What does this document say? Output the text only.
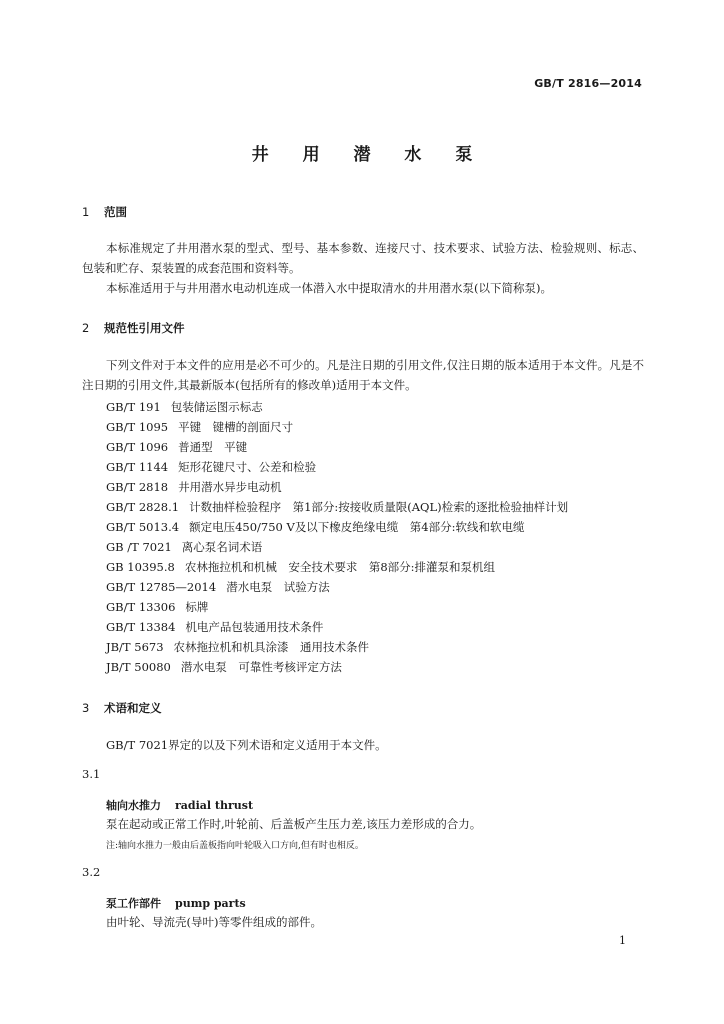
GB/T 2816—2014
井 用 潜 水 泵
1 范围

本标准规定了井用潜水泵的型式、型号、基本参数、连接尺寸、技术要求、试验方法、检验规则、标志、包装和贮存、泵装置的成套范围和资料等。

本标准适用于与井用潜水电动机连成一体潜入水中提取清水的井用潜水泵(以下简称泵)。

2 规范性引用文件

下列文件对于本文件的应用是必不可少的。凡是注日期的引用文件,仅注日期的版本适用于本文件。凡是不注日期的引用文件,其最新版本(包括所有的修改单)适用于本文件。

GB/T 191 包装储运图示标志
GB/T 1095 平键　键槽的剖面尺寸
GB/T 1096 普通型　平键
GB/T 1144 矩形花键尺寸、公差和检验
GB/T 2818 井用潜水异步电动机
GB/T 2828.1 计数抽样检验程序　第1部分:按接收质量限(AQL)检索的逐批检验抽样计划
GB/T 5013.4 额定电压450/750 V及以下橡皮绝缘电缆　第4部分:软线和软电缆
GB /T 7021 离心泵名词术语
GB 10395.8 农林拖拉机和机械　安全技术要求　第8部分:排灌泵和泵机组
GB/T 12785—2014 潜水电泵　试验方法
GB/T 13306 标牌
GB/T 13384 机电产品包装通用技术条件
JB/T 5673 农林拖拉机和机具涂漆　通用技术条件
JB/T 50080 潜水电泵　可靠性考核评定方法
3 术语和定义

GB/T 7021界定的以及下列术语和定义适用于本文件。

3.1
轴向水推力 radial thrust
泵在起动或正常工作时,叶轮前、后盖板产生压力差,该压力差形成的合力。
注:轴向水推力一般由后盖板指向叶轮吸入口方向,但有时也相反。
3.2
泵工作部件 pump parts
由叶轮、导流壳(导叶)等零件组成的部件。
1
